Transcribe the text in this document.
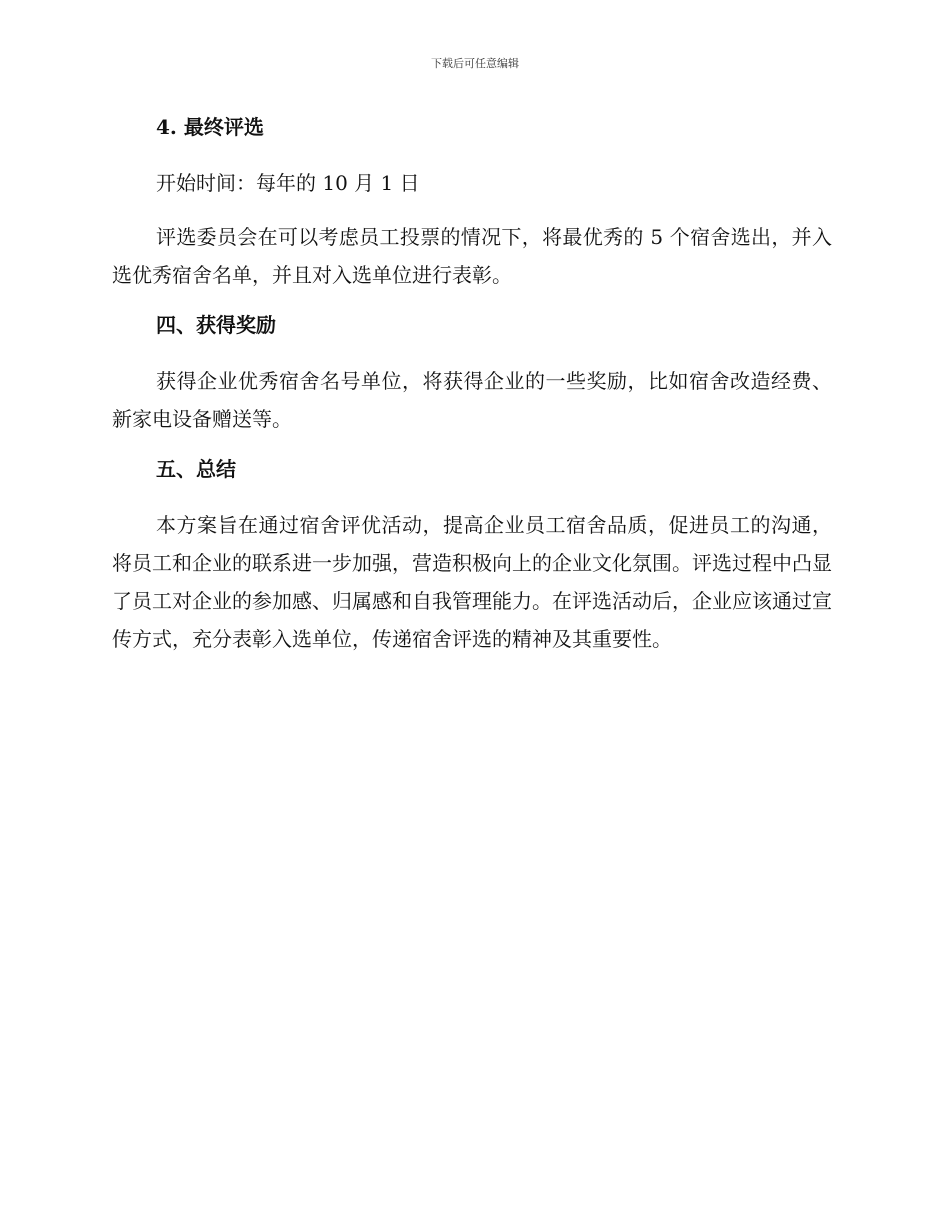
下载后可任意编辑
4. 最终评选

开始时间：每年的 10 月 1 日

评选委员会在可以考虑员工投票的情况下，将最优秀的 5 个宿舍选出，并入选优秀宿舍名单，并且对入选单位进行表彰。

四、获得奖励

获得企业优秀宿舍名号单位，将获得企业的一些奖励，比如宿舍改造经费、新家电设备赠送等。

五、总结

本方案旨在通过宿舍评优活动，提高企业员工宿舍品质，促进员工的沟通，将员工和企业的联系进一步加强，营造积极向上的企业文化氛围。评选过程中凸显了员工对企业的参加感、归属感和自我管理能力。在评选活动后，企业应该通过宣传方式，充分表彰入选单位，传递宿舍评选的精神及其重要性。
